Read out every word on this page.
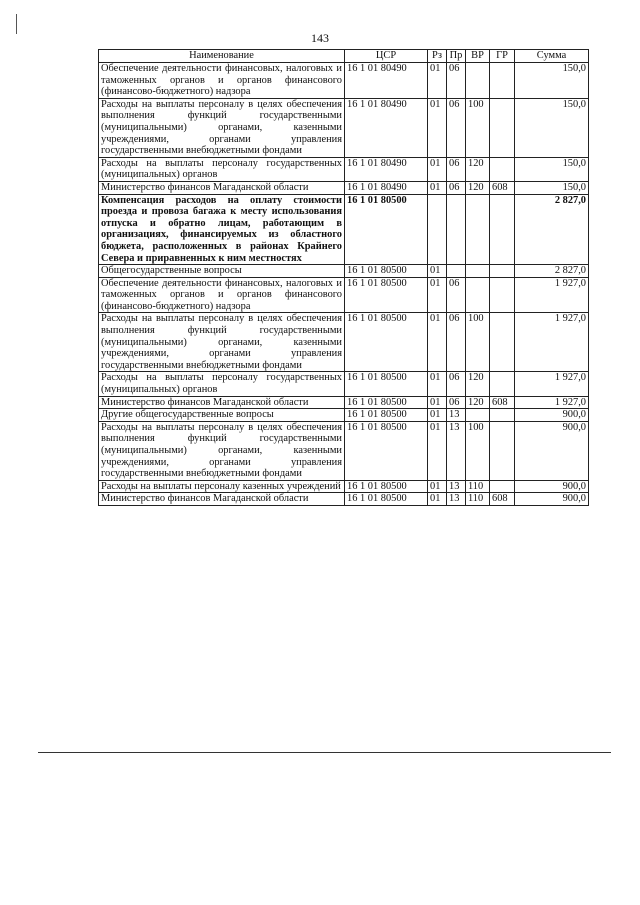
143
Наименование	ЦСР	Рз	Пр	ВР	ГР	Сумма
Обеспечение деятельности финансовых, налоговых и таможенных органов и органов финансового (финансово-бюджетного) надзора	16 1 01 80490	01	06			150,0
Расходы на выплаты персоналу в целях обеспечения выполнения функций государственными (муниципальными) органами, казенными учреждениями, органами управления государственными внебюджетными фондами	16 1 01 80490	01	06	100		150,0
Расходы на выплаты персоналу государственных (муниципальных) органов	16 1 01 80490	01	06	120		150,0
Министерство финансов Магаданской области	16 1 01 80490	01	06	120	608	150,0
Компенсация расходов на оплату стоимости проезда и провоза багажа к месту использования отпуска и обратно лицам, работающим в организациях, финансируемых из областного бюджета, расположенных в районах Крайнего Севера и приравненных к ним местностях	16 1 01 80500					2 827,0
Общегосударственные вопросы	16 1 01 80500	01				2 827,0
Обеспечение деятельности финансовых, налоговых и таможенных органов и органов финансового (финансово-бюджетного) надзора	16 1 01 80500	01	06			1 927,0
Расходы на выплаты персоналу в целях обеспечения выполнения функций государственными (муниципальными) органами, казенными учреждениями, органами управления государственными внебюджетными фондами	16 1 01 80500	01	06	100		1 927,0
Расходы на выплаты персоналу государственных (муниципальных) органов	16 1 01 80500	01	06	120		1 927,0
Министерство финансов Магаданской области	16 1 01 80500	01	06	120	608	1 927,0
Другие общегосударственные вопросы	16 1 01 80500	01	13			900,0
Расходы на выплаты персоналу в целях обеспечения выполнения функций государственными (муниципальными) органами, казенными учреждениями, органами управления государственными внебюджетными фондами	16 1 01 80500	01	13	100		900,0
Расходы на выплаты персоналу казенных учреждений	16 1 01 80500	01	13	110		900,0
Министерство финансов Магаданской области	16 1 01 80500	01	13	110	608	900,0
